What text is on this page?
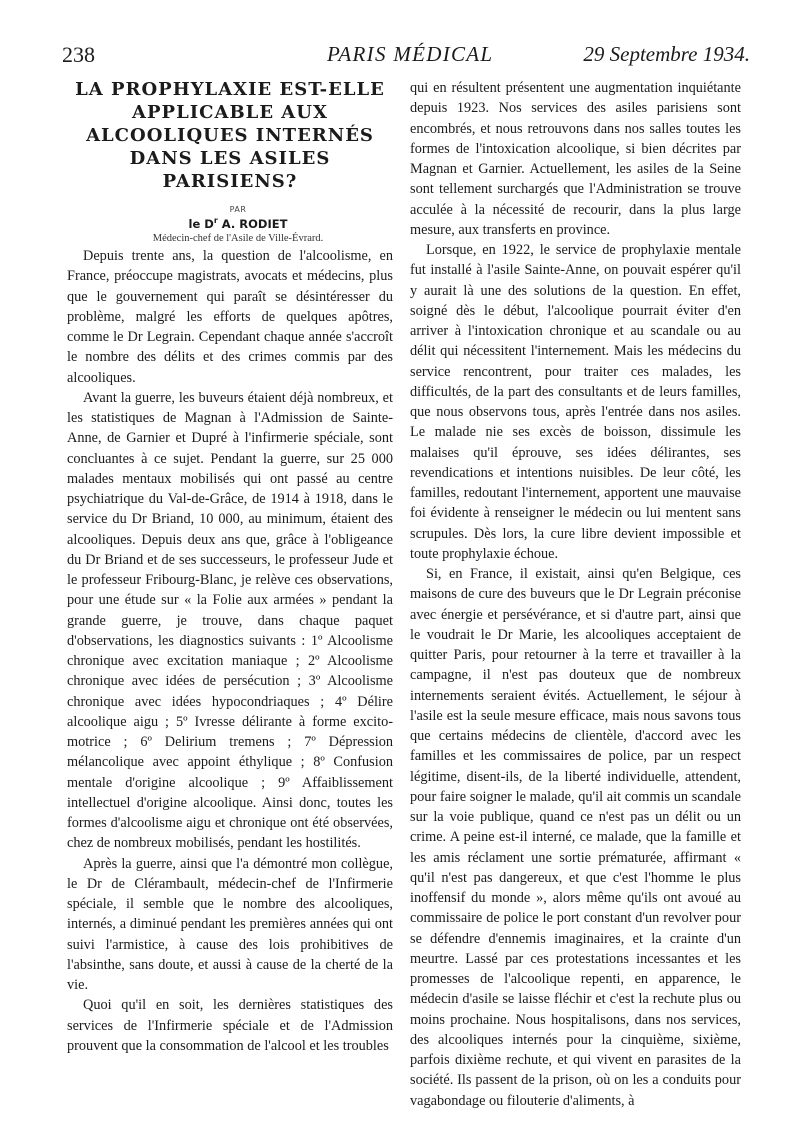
238	PARIS MÉDICAL	29 Septembre 1934.
LA PROPHYLAXIE EST-ELLE APPLICABLE AUX ALCOOLIQUES INTERNÉS DANS LES ASILES PARISIENS?

PAR

le $D^r$ A. RODIET

Médecin-chef de l'Asile de Ville-Évrard.

Depuis trente ans, la question de l'alcoolisme, en France, préoccupe magistrats, avocats et médecins, plus que le gouvernement qui paraît se désintéresser du problème, malgré les efforts de quelques apôtres, comme le Dr Legrain. Cependant chaque année s'accroît le nombre des délits et des crimes commis par des alcooliques.

Avant la guerre, les buveurs étaient déjà nombreux, et les statistiques de Magnan à l'Admission de Sainte-Anne, de Garnier et Dupré à l'infirmerie spéciale, sont concluantes à ce sujet. Pendant la guerre, sur 25 000 malades mentaux mobilisés qui ont passé au centre psychiatrique du Val-de-Grâce, de 1914 à 1918, dans le service du Dr Briand, 10 000, au minimum, étaient des alcooliques. Depuis deux ans que, grâce à l'obligeance du Dr Briand et de ses successeurs, le professeur Jude et le professeur Fribourg-Blanc, je relève ces observations, pour une étude sur « la Folie aux armées » pendant la grande guerre, je trouve, dans chaque paquet d'observations, les diagnostics suivants : 1º Alcoolisme chronique avec excitation maniaque ; 2º Alcoolisme chronique avec idées de persécution ; 3º Alcoolisme chronique avec idées hypocondriaques ; 4º Délire alcoolique aigu ; 5º Ivresse délirante à forme excito-motrice ; 6º Delirium tremens ; 7º Dépression mélancolique avec appoint éthylique ; 8º Confusion mentale d'origine alcoolique ; 9º Affaiblissement intellectuel d'origine alcoolique. Ainsi donc, toutes les formes d'alcoolisme aigu et chronique ont été observées, chez de nombreux mobilisés, pendant les hostilités.

Après la guerre, ainsi que l'a démontré mon collègue, le Dr de Clérambault, médecin-chef de l'Infirmerie spéciale, il semble que le nombre des alcooliques, internés, a diminué pendant les premières années qui ont suivi l'armistice, à cause des lois prohibitives de l'absinthe, sans doute, et aussi à cause de la cherté de la vie.

Quoi qu'il en soit, les dernières statistiques des services de l'Infirmerie spéciale et de l'Admission prouvent que la consommation de l'alcool et les troubles

qui en résultent présentent une augmentation inquiétante depuis 1923. Nos services des asiles parisiens sont encombrés, et nous retrouvons dans nos salles toutes les formes de l'intoxication alcoolique, si bien décrites par Magnan et Garnier. Actuellement, les asiles de la Seine sont tellement surchargés que l'Administration se trouve acculée à la nécessité de recourir, dans la plus large mesure, aux transferts en province.

Lorsque, en 1922, le service de prophylaxie mentale fut installé à l'asile Sainte-Anne, on pouvait espérer qu'il y aurait là une des solutions de la question. En effet, soigné dès le début, l'alcoolique pourrait éviter d'en arriver à l'intoxication chronique et au scandale ou au délit qui nécessitent l'internement. Mais les médecins du service rencontrent, pour traiter ces malades, les difficultés, de la part des consultants et de leurs familles, que nous observons tous, après l'entrée dans nos asiles. Le malade nie ses excès de boisson, dissimule les malaises qu'il éprouve, ses idées délirantes, ses revendications et intentions nuisibles. De leur côté, les familles, redoutant l'internement, apportent une mauvaise foi évidente à renseigner le médecin ou lui mentent sans scrupules. Dès lors, la cure libre devient impossible et toute prophylaxie échoue.

Si, en France, il existait, ainsi qu'en Belgique, ces maisons de cure des buveurs que le Dr Legrain préconise avec énergie et persévérance, et si d'autre part, ainsi que le voudrait le Dr Marie, les alcooliques acceptaient de quitter Paris, pour retourner à la terre et travailler à la campagne, il n'est pas douteux que de nombreux internements seraient évités. Actuellement, le séjour à l'asile est la seule mesure efficace, mais nous savons tous que certains médecins de clientèle, d'accord avec les familles et les commissaires de police, par un respect légitime, disent-ils, de la liberté individuelle, attendent, pour faire soigner le malade, qu'il ait commis un scandale sur la voie publique, quand ce n'est pas un délit ou un crime. A peine est-il interné, ce malade, que la famille et les amis réclament une sortie prématurée, affirmant « qu'il n'est pas dangereux, et que c'est l'homme le plus inoffensif du monde », alors même qu'ils ont avoué au commissaire de police le port constant d'un revolver pour se défendre d'ennemis imaginaires, et la crainte d'un meurtre. Lassé par ces protestations incessantes et les promesses de l'alcoolique repenti, en apparence, le médecin d'asile se laisse fléchir et c'est la rechute plus ou moins prochaine. Nous hospitalisons, dans nos services, des alcooliques internés pour la cinquième, sixième, parfois dixième rechute, et qui vivent en parasites de la société. Ils passent de la prison, où on les a conduits pour vagabondage ou filouterie d'aliments, à
